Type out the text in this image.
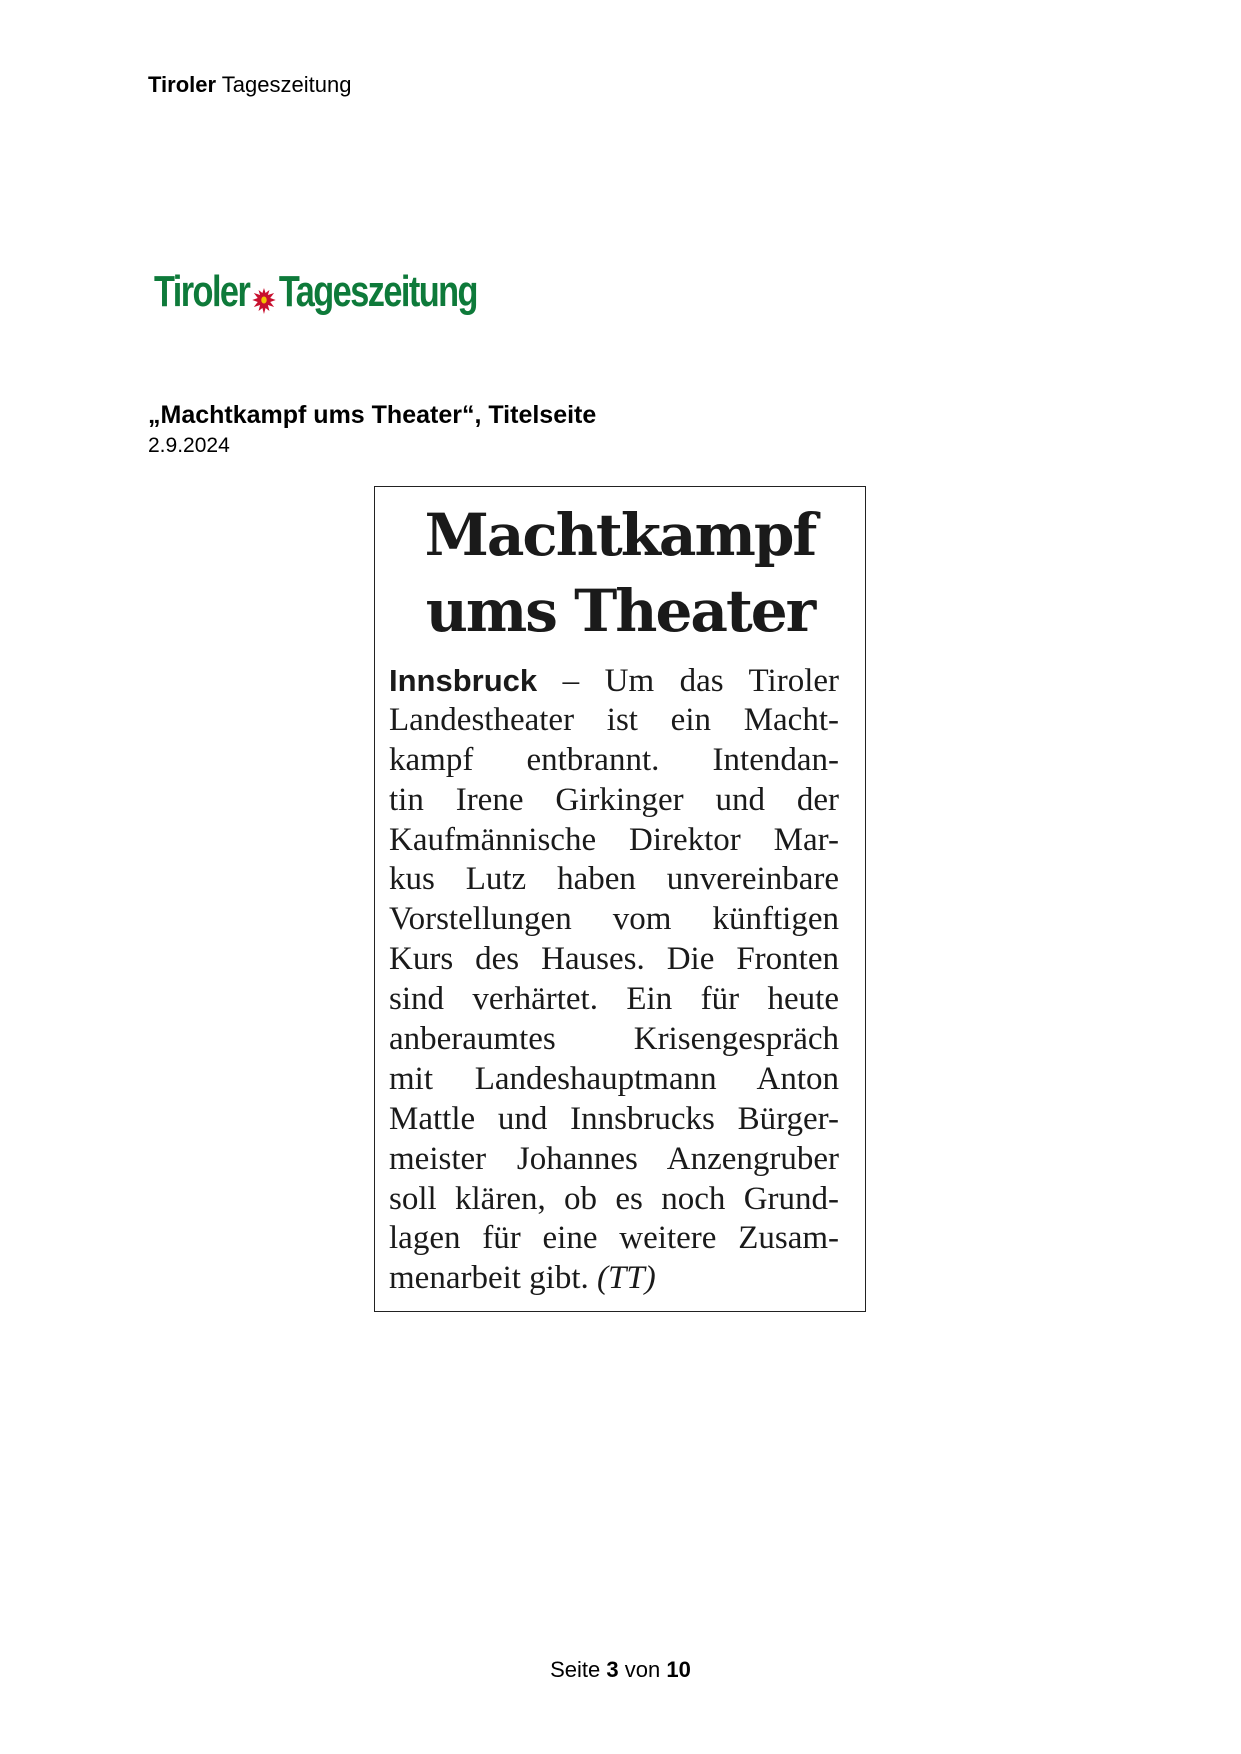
Tiroler Tageszeitung
Tiroler Tageszeitung
„Machtkampf ums Theater“, Titelseite
2.9.2024
Machtkampf
ums Theater
Innsbruck – Um das Tiroler
Landestheater ist ein Macht-
kampf entbrannt. Intendan-
tin Irene Girkinger und der
Kaufmännische Direktor Mar-
kus Lutz haben unvereinbare
Vorstellungen vom künftigen
Kurs des Hauses. Die Fronten
sind verhärtet. Ein für heute
anberaumtes Krisengespräch
mit Landeshauptmann Anton
Mattle und Innsbrucks Bürger-
meister Johannes Anzengruber
soll klären, ob es noch Grund-
lagen für eine weitere Zusam-
menarbeit gibt. (TT)
Seite 3 von 10
